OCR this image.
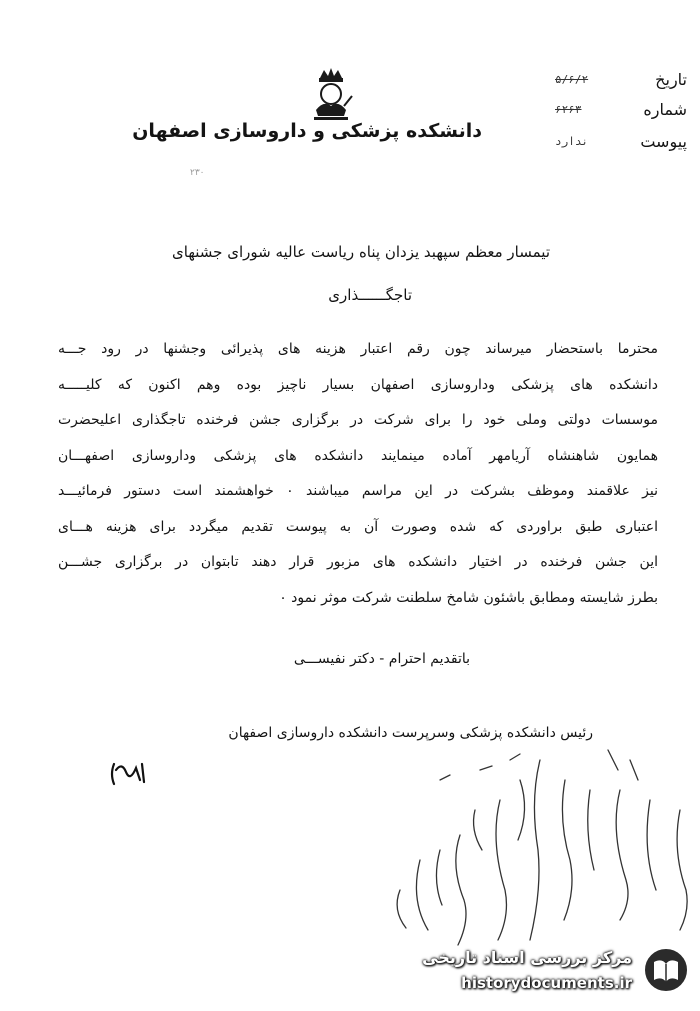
دانشکده پزشکی و داروسازی اصفهان
تاریخ
۵/۶/۲
شماره
۶۲۶۳
پیوست
ندارد
۲۳۰
تیمسار معظم سپهبد یزدان پناه ریاست عالیه شورای جشنهای
تاجگــــــذاری
محترما باستحضار میرساند چون رقم اعتبار هزینه های پذیرائی وجشنها در رود جـــه
دانشکده های پزشکی وداروسازی اصفهان بسیار ناچیز بوده وهم اکنون که کلیـــــه
موسسات دولتی وملی خود را برای شرکت در برگزاری جشن فرخنده تاجگذاری اعلیحضرت
همایون شاهنشاه آریامهر آماده مینمایند دانشکده های پزشکی وداروسازی اصفهـــان
نیز علاقمند وموظف بشرکت در این مراسم میباشند ۰ خواهشمند است دستور فرمائیـــد
اعتباری طبق براوردی که شده وصورت آن به پیوست تقدیم میگردد برای هزینه هـــای
این جشن فرخنده در اختیار دانشکده های مزبور قرار دهند تابتوان در برگزاری جشـــن
بطرز شایسته ومطابق باشئون شامخ سلطنت شرکت موثر نمود ۰
باتقدیم احترام - دکتر نفیســـی
رئیس دانشکده پزشکی وسرپرست دانشکده داروسازی اصفهان
مرکز بررسی اسناد تاریخی
historydocuments.ir
